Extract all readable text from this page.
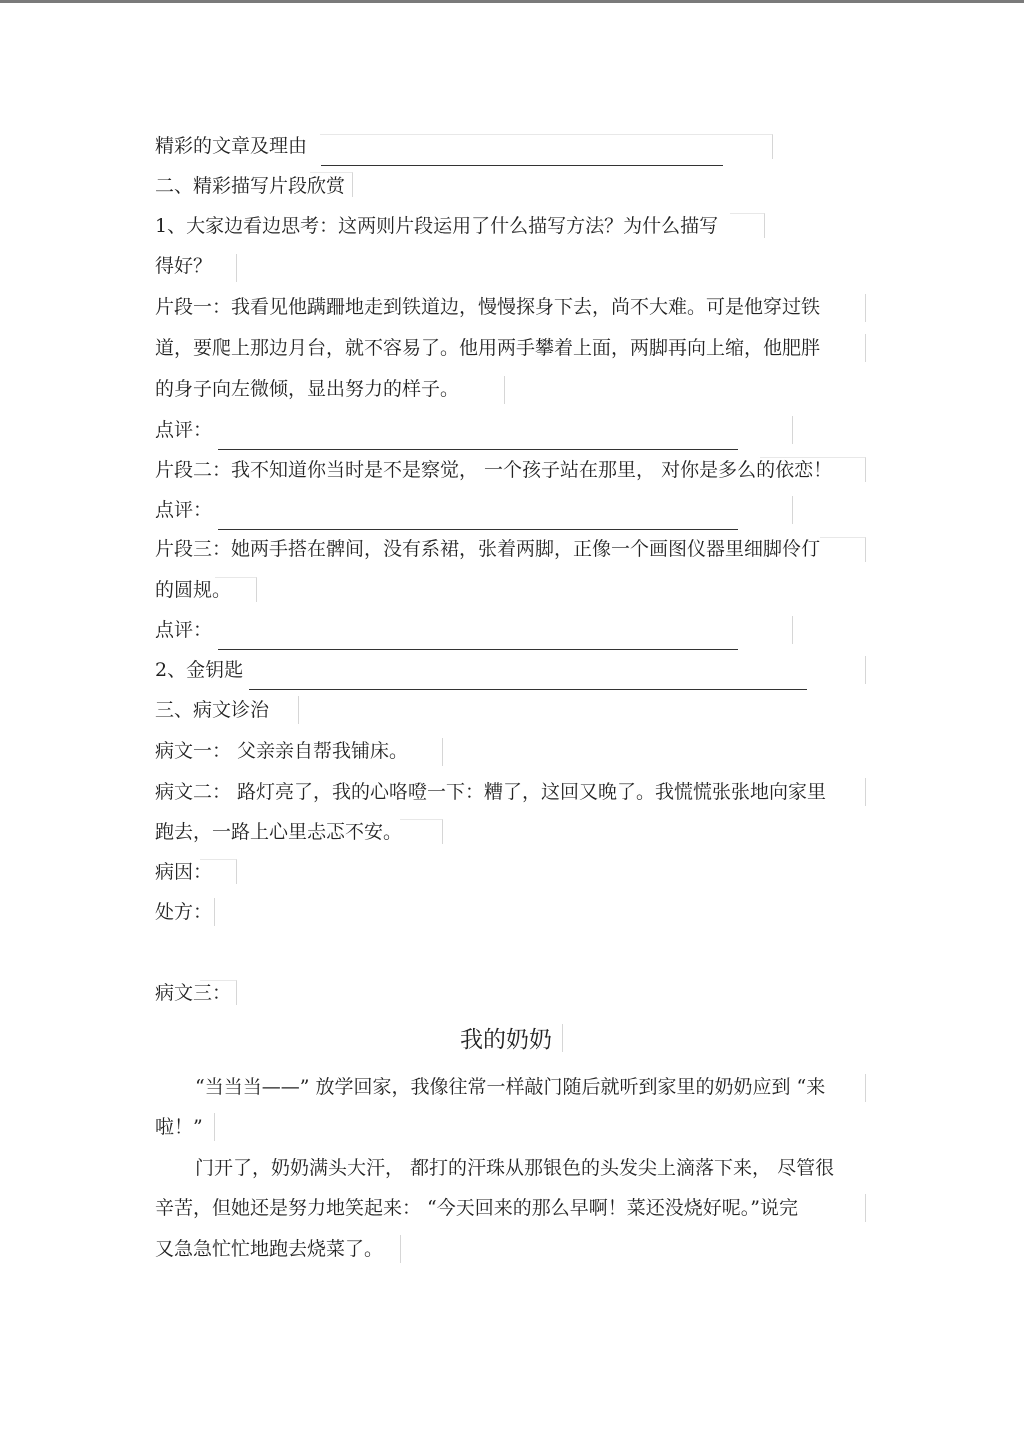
精彩的文章及理由
二、精彩描写片段欣赏
1、大家边看边思考：这两则片段运用了什么描写方法？为什么描写
得好？
片段一：我看见他蹒跚地走到铁道边，慢慢探身下去，尚不大难。可是他穿过铁
道，要爬上那边月台，就不容易了。他用两手攀着上面，两脚再向上缩，他肥胖
的身子向左微倾，显出努力的样子。
点评：
片段二：我不知道你当时是不是察觉， 一个孩子站在那里， 对你是多么的依恋！
点评：
片段三：她两手搭在髀间，没有系裙，张着两脚，正像一个画图仪器里细脚伶仃
的圆规。
点评：
2、金钥匙
三、病文诊治
病文一： 父亲亲自帮我铺床。
病文二： 路灯亮了，我的心咯噔一下：糟了，这回又晚了。我慌慌张张地向家里
跑去，一路上心里忐忑不安。
病因：
处方：
病文三：
我的奶奶
“当当当——” 放学回家，我像往常一样敲门随后就听到家里的奶奶应到 “来
啦！”
门开了，奶奶满头大汗， 都打的汗珠从那银色的头发尖上滴落下来， 尽管很
辛苦，但她还是努力地笑起来： “今天回来的那么早啊！菜还没烧好呢。”说完
又急急忙忙地跑去烧菜了。
